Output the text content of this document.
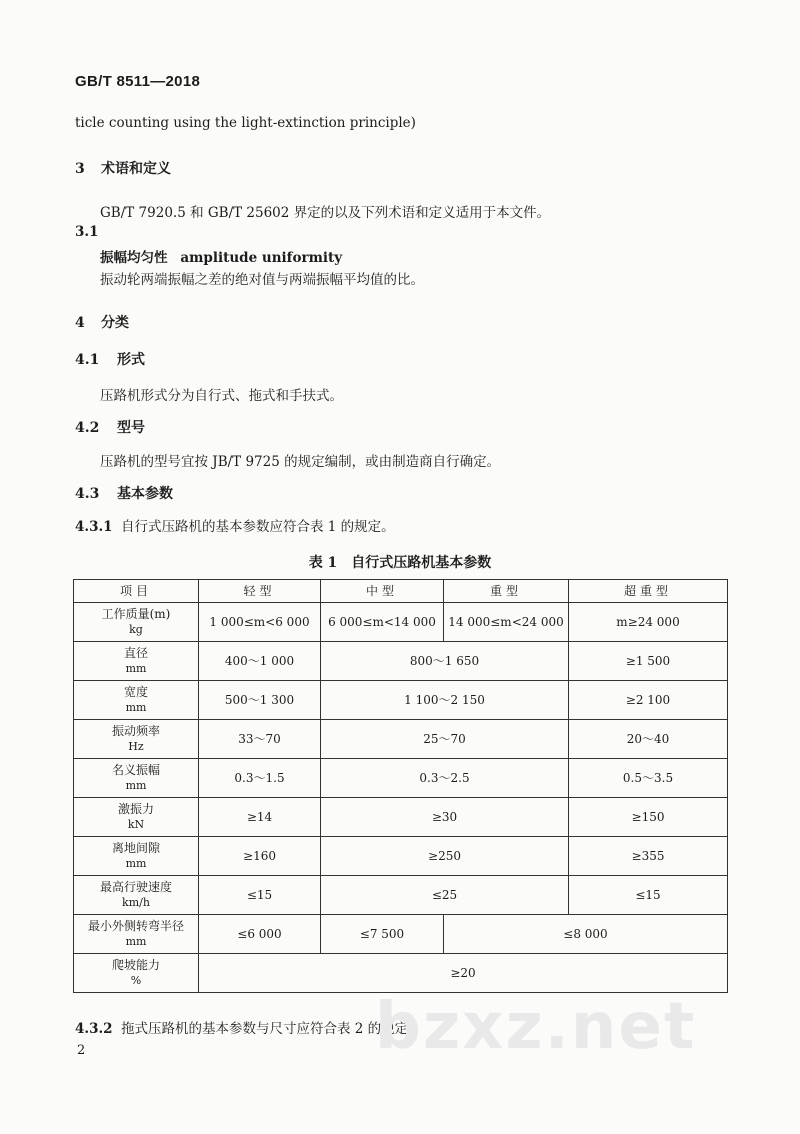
GB/T 8511—2018
ticle counting using the light-extinction principle)
3 术语和定义
GB/T 7920.5 和 GB/T 25602 界定的以及下列术语和定义适用于本文件。
3.1
振幅均匀性 amplitude uniformity
振动轮两端振幅之差的绝对值与两端振幅平均值的比。
4 分类
4.1 形式
压路机形式分为自行式、拖式和手扶式。
4.2 型号
压路机的型号宜按 JB/T 9725 的规定编制，或由制造商自行确定。
4.3 基本参数
4.3.1 自行式压路机的基本参数应符合表 1 的规定。
表 1　自行式压路机基本参数
项目	轻型	中型	重型	超重型

工作质量(m)
kg	1 000≤m<6 000	6 000≤m<14 000	14 000≤m<24 000	m≥24 000

直径
mm	400～1 000	800～1 650		≥1 500

宽度
mm	500～1 300	1 100～2 150		≥2 100

振动频率
Hz	33～70	25～70		20～40

名义振幅
mm	0.3～1.5	0.3～2.5		0.5～3.5

激振力
kN	≥14	≥30		≥150

离地间隙
mm	≥160	≥250		≥355

最高行驶速度
km/h	≤15	≤25		≤15

最小外侧转弯半径
mm	≤6 000	≤7 500	≤8 000	

爬坡能力
%	≥20			
4.3.2 拖式压路机的基本参数与尺寸应符合表 2 的规定。
bzxz.net
2
